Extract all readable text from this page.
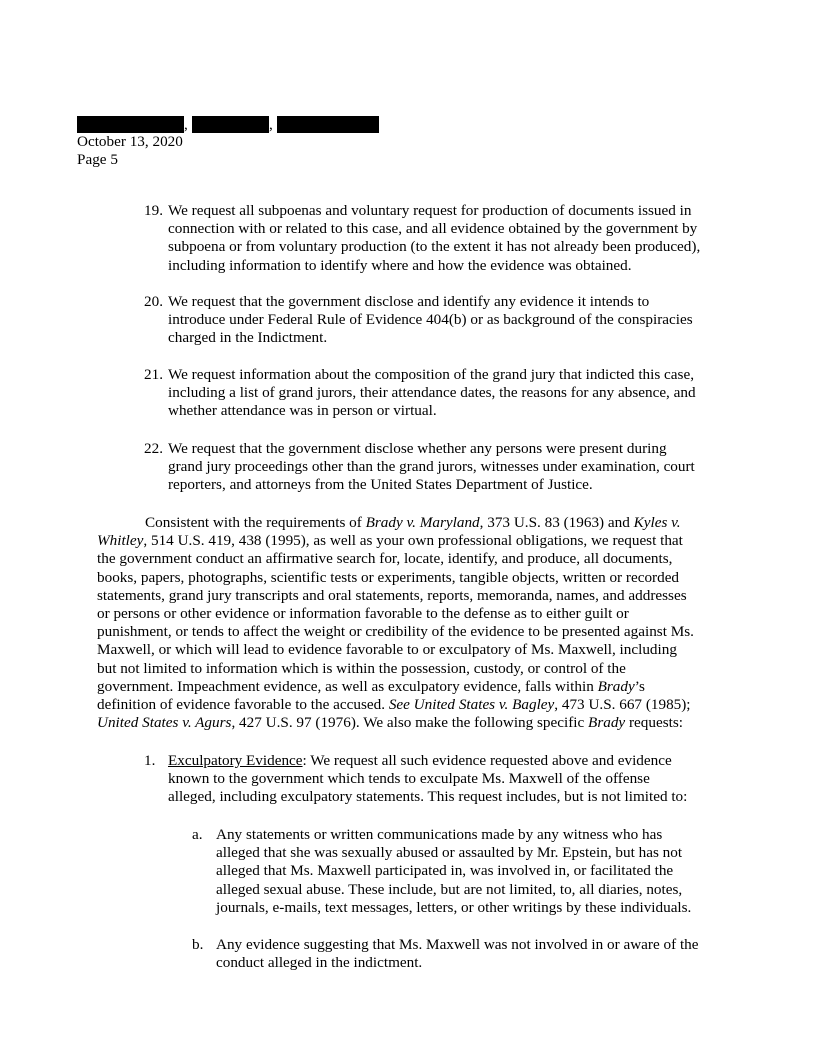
,	,
October 13, 2020
Page 5
19. We request all subpoenas and voluntary request for production of documents issued in
connection with or related to this case, and all evidence obtained by the government by
subpoena or from voluntary production (to the extent it has not already been produced),
including information to identify where and how the evidence was obtained.
20. We request that the government disclose and identify any evidence it intends to
introduce under Federal Rule of Evidence 404(b) or as background of the conspiracies
charged in the Indictment.
21. We request information about the composition of the grand jury that indicted this case,
including a list of grand jurors, their attendance dates, the reasons for any absence, and
whether attendance was in person or virtual.
22. We request that the government disclose whether any persons were present during
grand jury proceedings other than the grand jurors, witnesses under examination, court
reporters, and attorneys from the United States Department of Justice.
Consistent with the requirements of Brady v. Maryland, 373 U.S. 83 (1963) and Kyles v.
Whitley, 514 U.S. 419, 438 (1995), as well as your own professional obligations, we request that
the government conduct an affirmative search for, locate, identify, and produce, all documents,
books, papers, photographs, scientific tests or experiments, tangible objects, written or recorded
statements, grand jury transcripts and oral statements, reports, memoranda, names, and addresses
or persons or other evidence or information favorable to the defense as to either guilt or
punishment, or tends to affect the weight or credibility of the evidence to be presented against Ms.
Maxwell, or which will lead to evidence favorable to or exculpatory of Ms. Maxwell, including
but not limited to information which is within the possession, custody, or control of the
government. Impeachment evidence, as well as exculpatory evidence, falls within Brady’s
definition of evidence favorable to the accused. See United States v. Bagley, 473 U.S. 667 (1985);
United States v. Agurs, 427 U.S. 97 (1976). We also make the following specific Brady requests:
1. Exculpatory Evidence: We request all such evidence requested above and evidence
known to the government which tends to exculpate Ms. Maxwell of the offense
alleged, including exculpatory statements. This request includes, but is not limited to:
a. Any statements or written communications made by any witness who has
alleged that she was sexually abused or assaulted by Mr. Epstein, but has not
alleged that Ms. Maxwell participated in, was involved in, or facilitated the
alleged sexual abuse. These include, but are not limited, to, all diaries, notes,
journals, e-mails, text messages, letters, or other writings by these individuals.
b. Any evidence suggesting that Ms. Maxwell was not involved in or aware of the
conduct alleged in the indictment.
